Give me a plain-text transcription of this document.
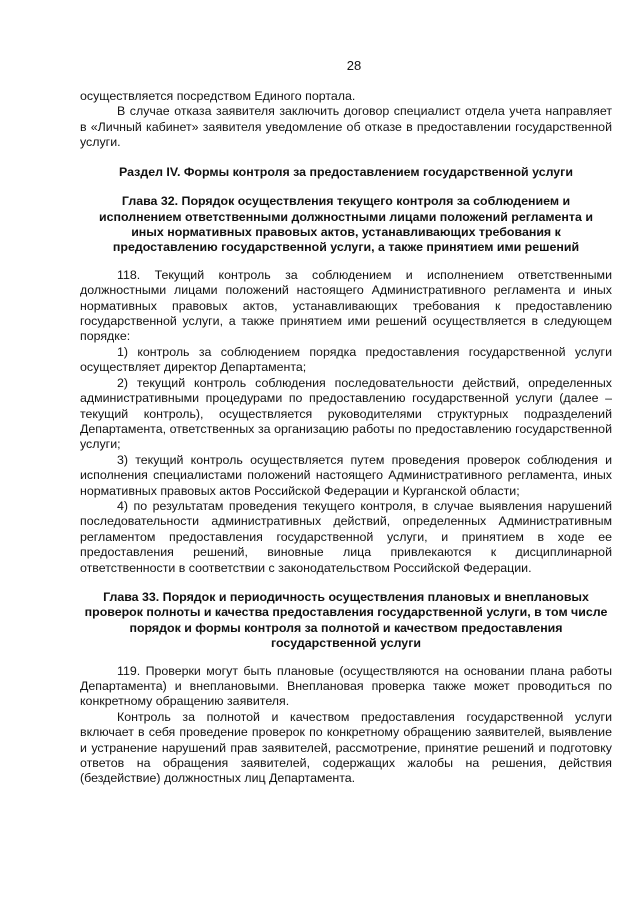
28

осуществляется посредством Единого портала.

В случае отказа заявителя заключить договор специалист отдела учета направляет в «Личный кабинет» заявителя уведомление об отказе в предоставлении государственной услуги.

Раздел IV. Формы контроля за предоставлением государственной услуги
Глава 32. Порядок осуществления текущего контроля за соблюдением и исполнением ответственными должностными лицами положений регламента и иных нормативных правовых актов, устанавливающих требования к предоставлению государственной услуги, а также принятием ими решений

118. Текущий контроль за соблюдением и исполнением ответственными должностными лицами положений настоящего Административного регламента и иных нормативных правовых актов, устанавливающих требования к предоставлению государственной услуги, а также принятием ими решений осуществляется в следующем порядке:

1) контроль за соблюдением порядка предоставления государственной услуги осуществляет директор Департамента;

2) текущий контроль соблюдения последовательности действий, определенных административными процедурами по предоставлению государственной услуги (далее – текущий контроль), осуществляется руководителями структурных подразделений Департамента, ответственных за организацию работы по предоставлению государственной услуги;

3) текущий контроль осуществляется путем проведения проверок соблюдения и исполнения специалистами положений настоящего Административного регламента, иных нормативных правовых актов Российской Федерации и Курганской области;

4) по результатам проведения текущего контроля, в случае выявления нарушений последовательности административных действий, определенных Административным регламентом предоставления государственной услуги, и принятием в ходе ее предоставления решений, виновные лица привлекаются к дисциплинарной ответственности в соответствии с законодательством Российской Федерации.

Глава 33. Порядок и периодичность осуществления плановых и внеплановых проверок полноты и качества предоставления государственной услуги, в том числе порядок и формы контроля за полнотой и качеством предоставления государственной услуги

119. Проверки могут быть плановые (осуществляются на основании плана работы Департамента) и внеплановыми. Внеплановая проверка также может проводиться по конкретному обращению заявителя.

Контроль за полнотой и качеством предоставления государственной услуги включает в себя проведение проверок по конкретному обращению заявителей, выявление и устранение нарушений прав заявителей, рассмотрение, принятие решений и подготовку ответов на обращения заявителей, содержащих жалобы на решения, действия (бездействие) должностных лиц Департамента.
